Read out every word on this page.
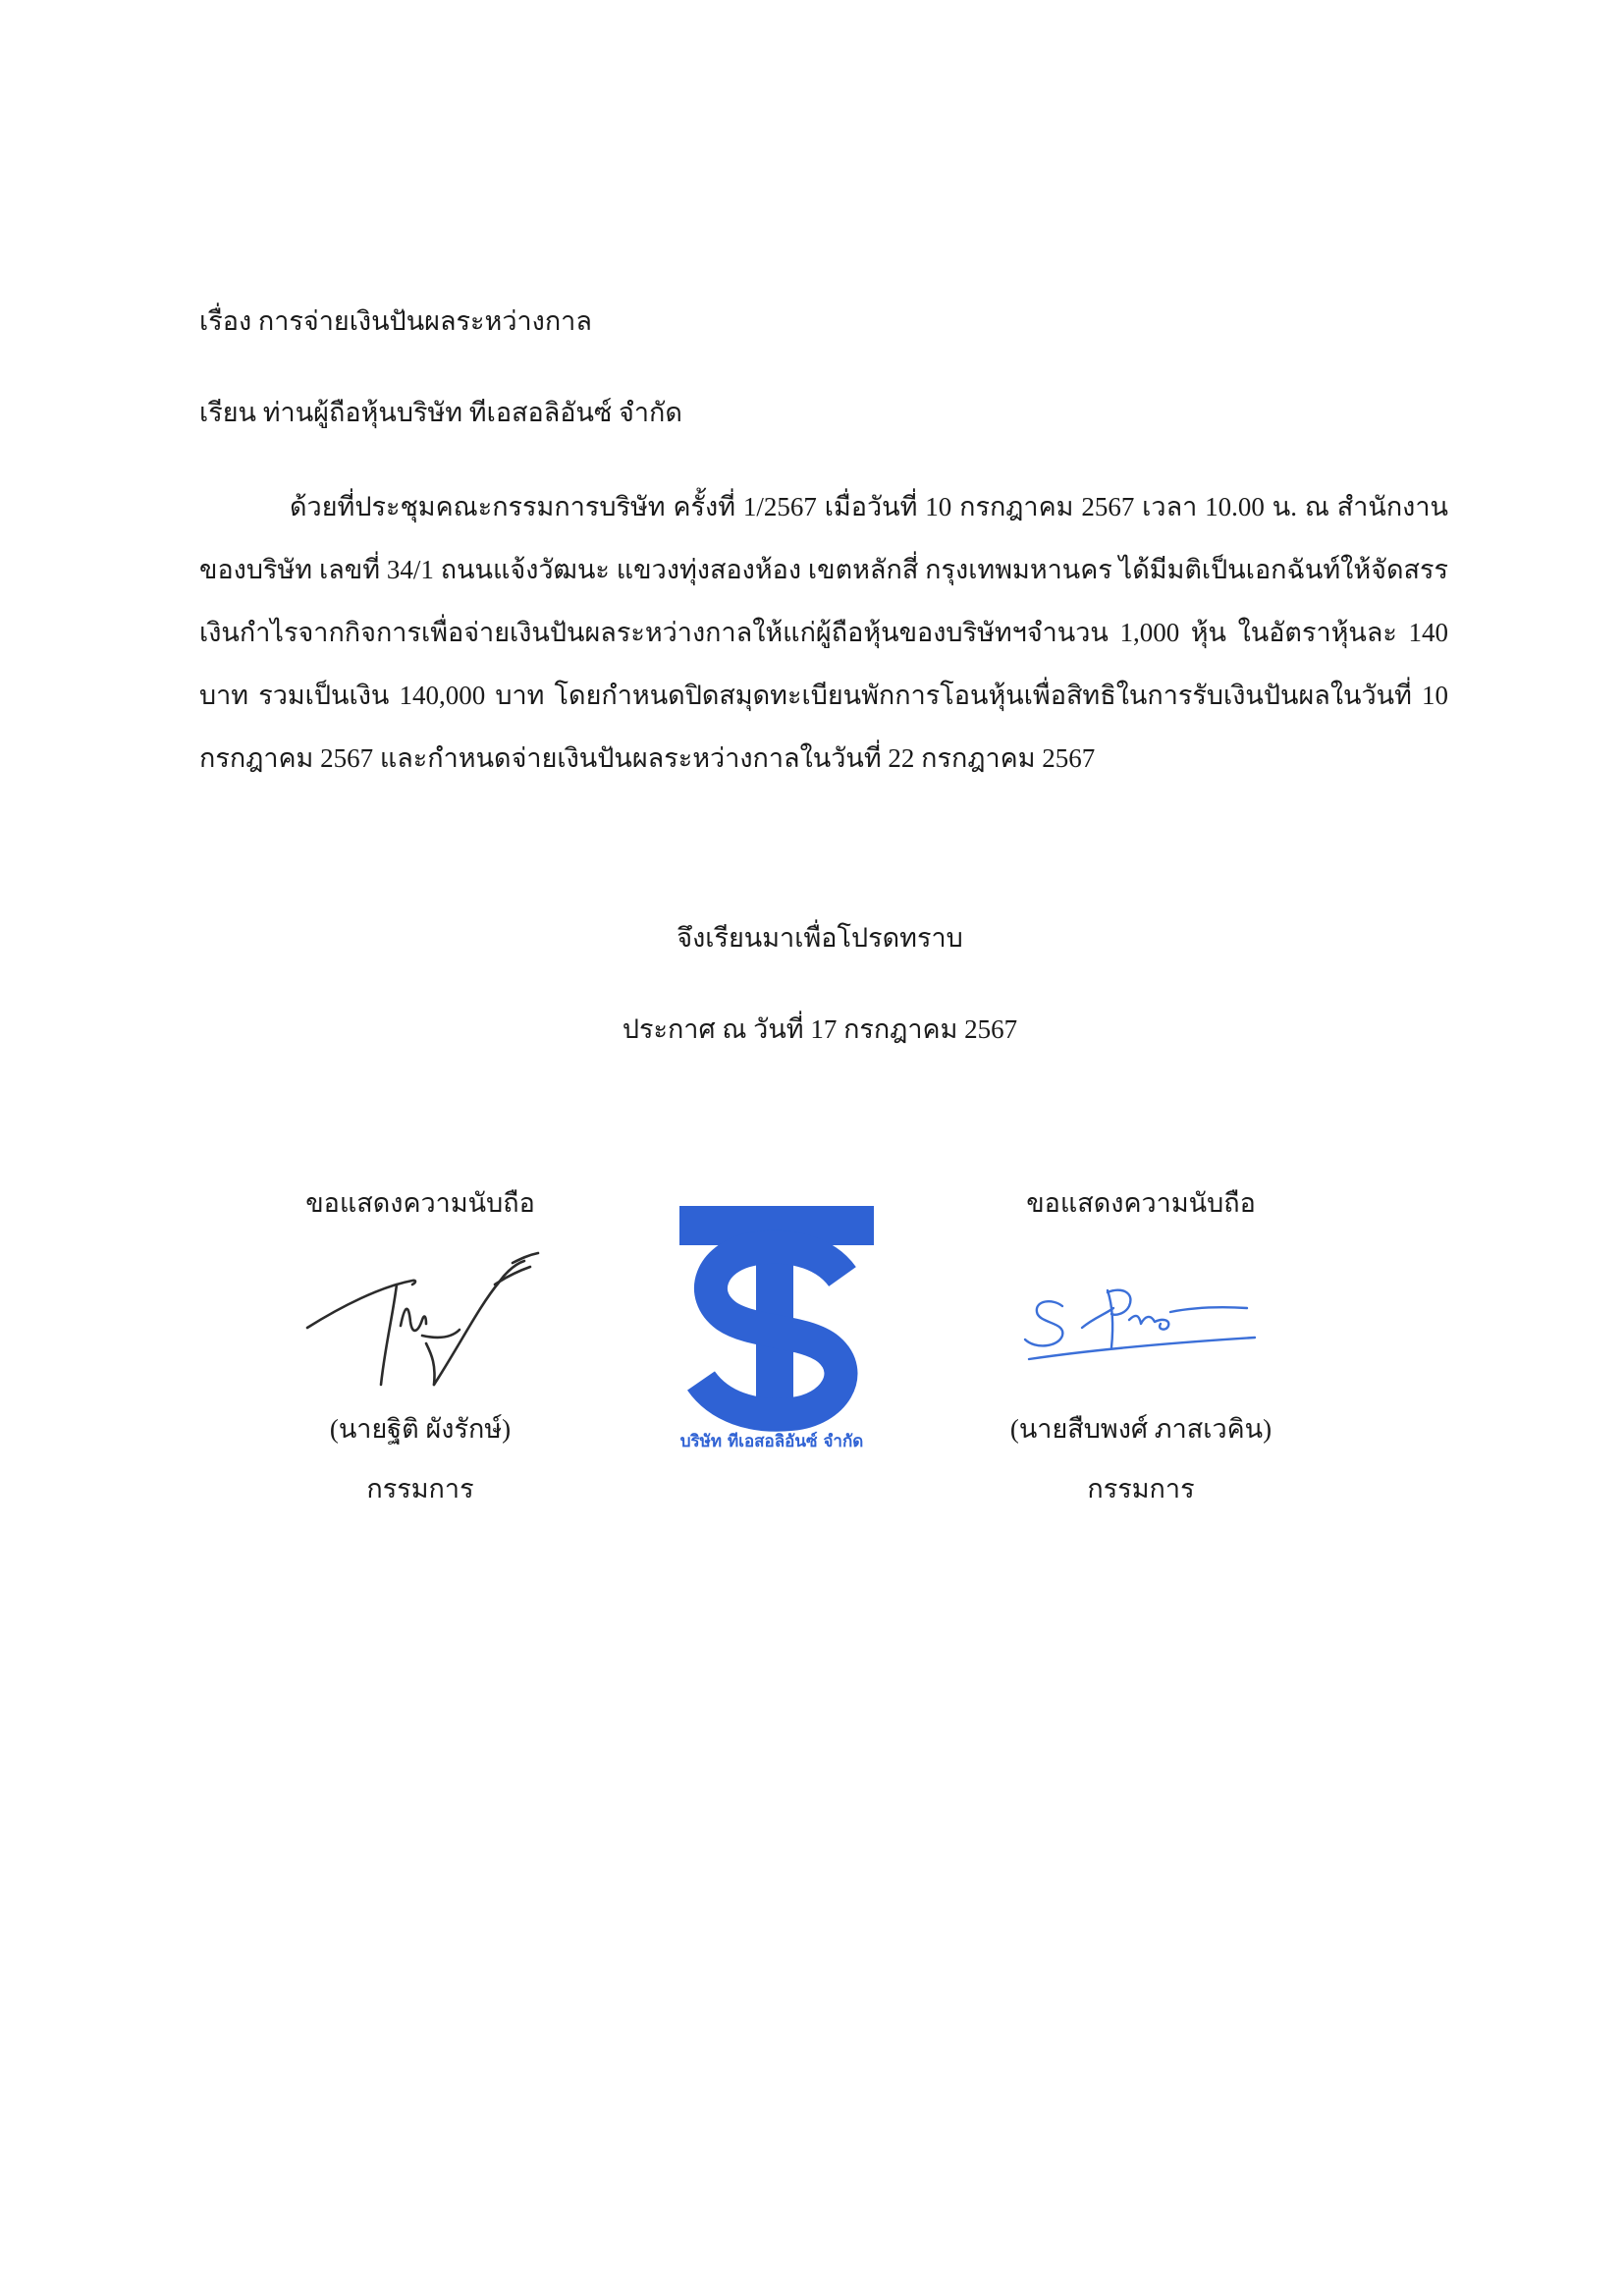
เรื่อง การจ่ายเงินปันผลระหว่างกาล
เรียน ท่านผู้ถือหุ้นบริษัท ทีเอสอลิอันซ์ จำกัด
ด้วยที่ประชุมคณะกรรมการบริษัท ครั้งที่ 1/2567 เมื่อวันที่ 10 กรกฎาคม 2567 เวลา 10.00 น. ณ สำนักงาน
ของบริษัท เลขที่ 34/1 ถนนแจ้งวัฒนะ แขวงทุ่งสองห้อง เขตหลักสี่ กรุงเทพมหานคร ได้มีมติเป็นเอกฉันท์ให้จัดสรร
เงินกำไรจากกิจการเพื่อจ่ายเงินปันผลระหว่างกาลให้แก่ผู้ถือหุ้นของบริษัทฯจำนวน 1,000 หุ้น ในอัตราหุ้นละ 140
บาท รวมเป็นเงิน 140,000 บาท โดยกำหนดปิดสมุดทะเบียนพักการโอนหุ้นเพื่อสิทธิในการรับเงินปันผลในวันที่ 10
กรกฎาคม 2567 และกำหนดจ่ายเงินปันผลระหว่างกาลในวันที่ 22 กรกฎาคม 2567
จึงเรียนมาเพื่อโปรดทราบ
ประกาศ ณ วันที่ 17 กรกฎาคม 2567
ขอแสดงความนับถือ
(นายฐิติ ผังรักษ์)
กรรมการ
บริษัท ทีเอสอลิอันซ์ จำกัด
ขอแสดงความนับถือ
(นายสืบพงศ์ ภาสเวคิน)
กรรมการ
